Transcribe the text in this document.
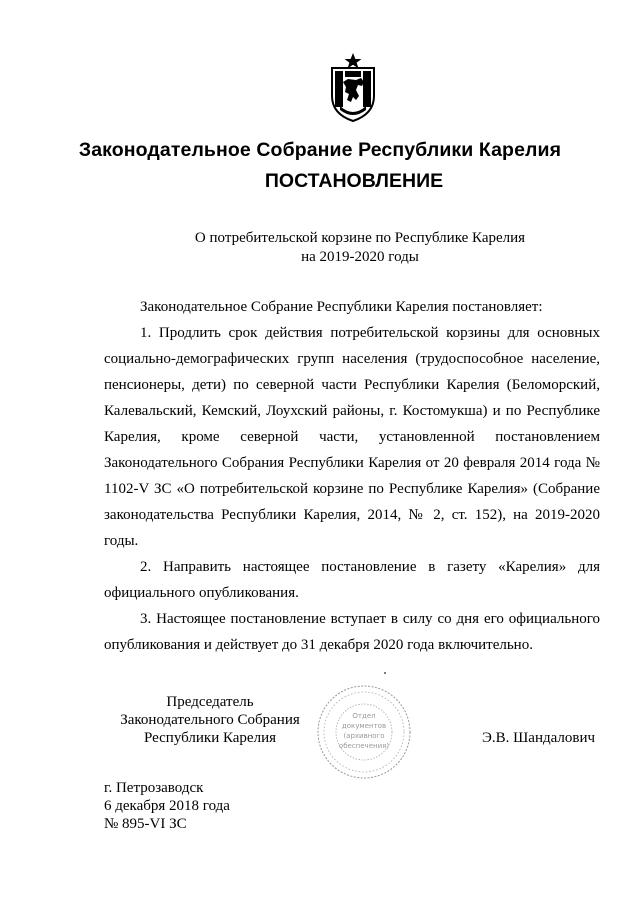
Законодательное Собрание Республики Карелия
ПОСТАНОВЛЕНИЕ
О потребительской корзине по Республике Карелия
на 2019-2020 годы

Законодательное Собрание Республики Карелия постановляет:

1. Продлить срок действия потребительской корзины для основных социально-демографических групп населения (трудоспособное население, пенсионеры, дети) по северной части Республики Карелия (Беломорский, Калевальский, Кемский, Лоухский районы, г. Костомукша) и по Республике Карелия, кроме северной части, установленной постановлением Законодательного Собрания Республики Карелия от 20 февраля 2014 года № 1102-V ЗС «О потребительской корзине по Республике Карелия» (Собрание законодательства Республики Карелия, 2014, № 2, ст. 152), на 2019-2020 годы.

2. Направить настоящее постановление в газету «Карелия» для официального опубликования.

3. Настоящее постановление вступает в силу со дня его официального опубликования и действует до 31 декабря 2020 года включительно.

Председатель
Законодательного Собрания
Республики Карелия
Отдел
документов
(архивного
обеспечения)	Э.В. Шандалович
г. Петрозаводск
6 декабря 2018 года
№ 895-VI ЗС
